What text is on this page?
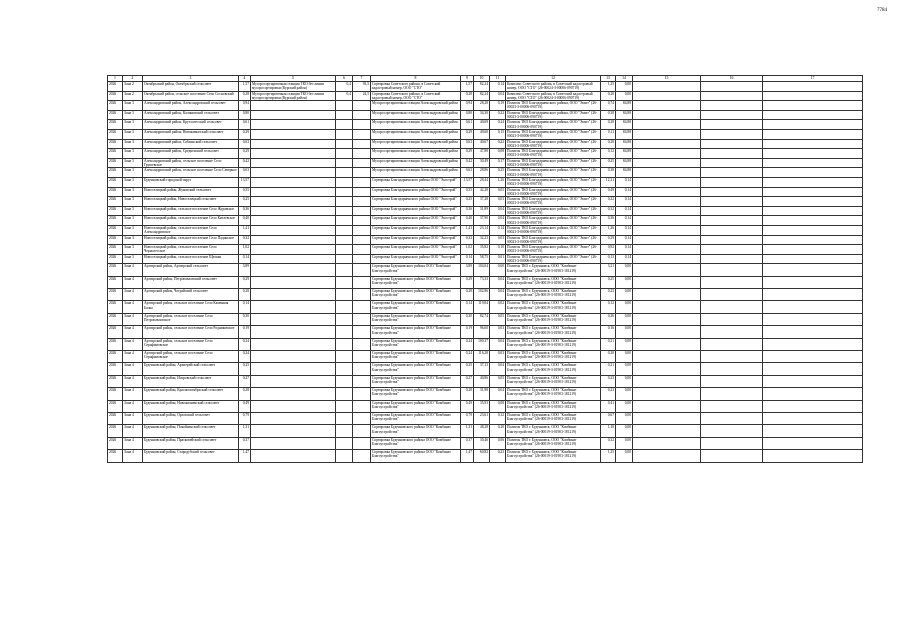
7784
1	2	3	4	5	6	7	8	9	10	11	12	13	14	15	16	17
2026	Зона 2	Октябрьский район, Октябрьский сельсовет	1,57	Мусоросортировочная станция ТКО без линии мусоросортировки (Курский район)	0,4	93,5	Сортировка Советского района, в Советский кадастровый номер, ООО "СТО"	1,57	82,24	0,14	Комплекс Советского района, в Советский кадастровый номер, ООО "СТО" (26-00024-З-00006-090719)	1,25	0,00			
2026	Зона 2	Октябрьский район, сельское поселение Село Сосновский	0,28	Мусоросортировочная станция ТКО без линии мусоросортировки (Курский район)	0,4	24,5	Сортировка Советского района, в Советский кадастровый номер, ООО "СТО"	0,28	82,24	0,04	Комплекс Советского района, в Советский кадастровый номер, ООО "СТО" (26-00024-З-00006-090719)	0,20	0,00			
2026	Зона 3	Александровский район, Александровский сельсовет	0,94				Мусоросортировочная станция Александровский район	0,94	28,28	0,19	Полигон ТКО Благодарненского района, ООО "Экзит" (26-00023-З-00006-090719)	0,74	84,88			
2026	Зона 3	Александровский район, Калиновский сельсовет	0,80				Мусоросортировочная станция Александровский район	0,80	34,30	0,22	Полигон ТКО Благодарненского района, ООО "Экзит" (26-00023-З-00006-090719)	0,38	84,88			
2026	Зона 3	Александровский район, Круглолесский сельсовет	0,61				Мусоросортировочная станция Александровский район	0,61	40,69	0,24	Полигон ТКО Благодарненского района, ООО "Экзит" (26-00023-З-00006-090719)	0,28	84,88			
2026	Зона 3	Александровский район, Новокавказский сельсовет	0,29				Мусоросортировочная станция Александровский район	0,29	49,60	0,15	Полигон ТКО Благодарненского района, ООО "Экзит" (26-00023-З-00006-090719)	0,11	84,88			
2026	Зона 3	Александровский район, Саблинский сельсовет	0,63				Мусоросортировочная станция Александровский район	0,63	40,67	0,22	Полигон ТКО Благодарненского района, ООО "Экзит" (26-00023-З-00006-090719)	0,28	84,88			
2026	Зона 3	Александровский район, Средненский сельсовет	0,29				Мусоросортировочная станция Александровский район	0,29	47,88	0,08	Полигон ТКО Благодарненского района, ООО "Экзит" (26-00023-З-00006-090719)	0,12	84,88			
2026	Зона 3	Александровский район, сельское поселение Село Грушевское	0,42				Мусоросортировочная станция Александровский район	0,42	30,49	0,17	Полигон ТКО Благодарненского района, ООО "Экзит" (26-00023-З-00006-090719)	0,25	84,88			
2026	Зона 3	Александровский район, сельское поселение Село Северное	0,63				Мусоросортировочная станция Александровский район	0,63	28,86	0,25	Полигон ТКО Благодарненского района, ООО "Экзит" (26-00023-З-00006-090719)	0,38	84,88			
2026	Зона 3	Буденновский городской округ	13,57				Сортировка Благодарненского района ООО "Экострой"	13,57	28,44	1,26	Полигон ТКО Благодарненского района, ООО "Экзит" (26-00023-З-00006-090719)	12,31	0,14			
2026	Зона 3	Новоселицкий район, Жуковский сельсовет	0,55				Сортировка Благодарненского района ООО "Экострой"	0,55	42,28	0,05	Полигон ТКО Благодарненского района, ООО "Экзит" (26-00023-З-00006-090719)	0,49	0,14			
2026	Зона 3	Новоселицкий район, Новоселицкий сельсовет	0,25				Сортировка Благодарненского района ООО "Экострой"	0,25	37,28	0,03	Полигон ТКО Благодарненского района, ООО "Экзит" (26-00023-З-00006-090719)	0,22	0,14			
2026	Зона 3	Новоселицкий район, сельское поселение Село Журавское	0,36				Сортировка Благодарненского района ООО "Экострой"	0,36	31,89	0,04	Полигон ТКО Благодарненского района, ООО "Экзит" (26-00023-З-00006-090719)	0,32	0,14			
2026	Зона 3	Новоселицкий район, сельское поселение Село Китаевское	0,40				Сортировка Благодарненского района ООО "Экострой"	0,40	37,90	0,04	Полигон ТКО Благодарненского района, ООО "Экзит" (26-00023-З-00006-090719)	0,36	0,14			
2026	Зона 3	Новоселицкий район, сельское поселение Село Александровское	1,41				Сортировка Благодарненского района ООО "Экострой"	1,41	23,14	0,14	Полигон ТКО Благодарненского района, ООО "Экзит" (26-00023-З-00006-090719)	1,26	0,14			
2026	Зона 3	Новоселицкий район, сельское поселение Село Падинское	0,32				Сортировка Благодарненского района ООО "Экострой"	0,32	32,23	0,03	Полигон ТКО Благодарненского района, ООО "Экзит" (26-00023-З-00006-090719)	0,29	0,14			
2026	Зона 3	Новоселицкий район, сельское поселение Село Чернолесское	1,02				Сортировка Благодарненского района ООО "Экострой"	1,02	35,82	0,10	Полигон ТКО Благодарненского района, ООО "Экзит" (26-00023-З-00006-090719)	0,92	0,14			
2026	Зона 3	Новоселицкий район, сельское поселение Щелкан	0,14				Сортировка Благодарненского района ООО "Экострой"	0,14	58,75	0,01	Полигон ТКО Благодарненского района, ООО "Экзит" (26-00023-З-00006-090719)	0,13	0,14			
2026	Зона 4	Арзгирский район, Арзгирский сельсовет	3,89				Сортировка Буденновского района ООО "Комбинат Благоустройства"	3,89	104,04	0,60	Полигон ТКО г. Буденновск, ООО "Комбинат Благоустройства" (26-00019-З-01903-181219)	3,21	0,00			
2026	Зона 4	Арзгирский район, Петропавловский сельсовет	0,29				Сортировка Буденновского района ООО "Комбинат Благоустройства"	0,29	73,33	0,04	Полигон ТКО г. Буденновск, ООО "Комбинат Благоустройства" (26-00019-З-01903-181219)	0,25	0,00			
2026	Зона 4	Арзгирский район, Чограйский сельсовет	0,28				Сортировка Буденновского района ООО "Комбинат Благоустройства"	0,28	102,86	0,04	Полигон ТКО г. Буденновск, ООО "Комбинат Благоустройства" (26-00019-З-01903-181219)	0,23	0,00			
2026	Зона 4	Арзгирский район, сельское поселение Село Каменная Балка	0,14				Сортировка Буденновского района ООО "Комбинат Благоустройства"	0,14	119,84	0,02	Полигон ТКО г. Буденновск, ООО "Комбинат Благоустройства" (26-00019-З-01903-181219)	0,12	0,00			
2026	Зона 4	Арзгирский район, сельское поселение Село Петропавловское	0,30				Сортировка Буденновского района ООО "Комбинат Благоустройства"	0,30	82,74	0,05	Полигон ТКО г. Буденновск, ООО "Комбинат Благоустройства" (26-00019-З-01903-181219)	0,26	0,00			
2026	Зона 4	Арзгирский район, сельское поселение Село Родниковское	0,19				Сортировка Буденновского района ООО "Комбинат Благоустройства"	0,19	96,60	0,03	Полигон ТКО г. Буденновск, ООО "Комбинат Благоустройства" (26-00019-З-01903-181219)	0,16	0,00			
2026	Зона 4	Арзгирский район, сельское поселение Село Серафимовское	0,24				Сортировка Буденновского района ООО "Комбинат Благоустройства"	0,24	100,37	0,04	Полигон ТКО г. Буденновск, ООО "Комбинат Благоустройства" (26-00019-З-01903-181219)	0,21	0,00			
2026	Зона 4	Арзгирский район, сельское поселение Село Серафимовское	0,24				Сортировка Буденновского района ООО "Комбинат Благоустройства"	0,24	116,28	0,03	Полигон ТКО г. Буденновск, ООО "Комбинат Благоустройства" (26-00019-З-01903-181219)	0,20	0,00			
2026	Зона 4	Буденновский район, Архиерейский сельсовет	0,25				Сортировка Буденновского района ООО "Комбинат Благоустройства"	0,25	37,13	0,04	Полигон ТКО г. Буденновск, ООО "Комбинат Благоустройства" (26-00019-З-01903-181219)	0,21	0,00			
2026	Зона 4	Буденновский район, Искровский сельсовет	0,27				Сортировка Буденновского района ООО "Комбинат Благоустройства"	0,27	40,86	0,05	Полигон ТКО г. Буденновск, ООО "Комбинат Благоустройства" (26-00019-З-01903-181219)	0,23	0,00			
2026	Зона 4	Буденновский район, Краснооктябрьский сельсовет	0,28				Сортировка Буденновского района ООО "Комбинат Благоустройства"	0,28	31,98	0,04	Полигон ТКО г. Буденновск, ООО "Комбинат Благоустройства" (26-00019-З-01903-181219)	0,23	0,00			
2026	Зона 4	Буденновский район, Новожизненский сельсовет	0,49				Сортировка Буденновского района ООО "Комбинат Благоустройства"	0,49	35,93	0,08	Полигон ТКО г. Буденновск, ООО "Комбинат Благоустройства" (26-00019-З-01903-181219)	0,41	0,00			
2026	Зона 4	Буденновский район, Орловский сельсовет	0,79				Сортировка Буденновского района ООО "Комбинат Благоустройства"	0,79	23,61	0,12	Полигон ТКО г. Буденновск, ООО "Комбинат Благоустройства" (26-00019-З-01903-181219)	0,67	0,00			
2026	Зона 4	Буденновский район, Покойненский сельсовет	1,31				Сортировка Буденновского района ООО "Комбинат Благоустройства"	1,31	48,28	0,20	Полигон ТКО г. Буденновск, ООО "Комбинат Благоустройства" (26-00019-З-01903-181219)	1,10	0,00			
2026	Зона 4	Буденновский район, Прасковейский сельсовет	0,37				Сортировка Буденновского района ООО "Комбинат Благоустройства"	0,37	30,46	0,06	Полигон ТКО г. Буденновск, ООО "Комбинат Благоустройства" (26-00019-З-01903-181219)	0,32	0,00			
2026	Зона 4	Буденновский район, Стародубский сельсовет	1,47				Сортировка Буденновского района ООО "Комбинат Благоустройства"	1,47	60,82	0,23	Полигон ТКО г. Буденновск, ООО "Комбинат Благоустройства" (26-00019-З-01903-181219)	1,25	0,00			
